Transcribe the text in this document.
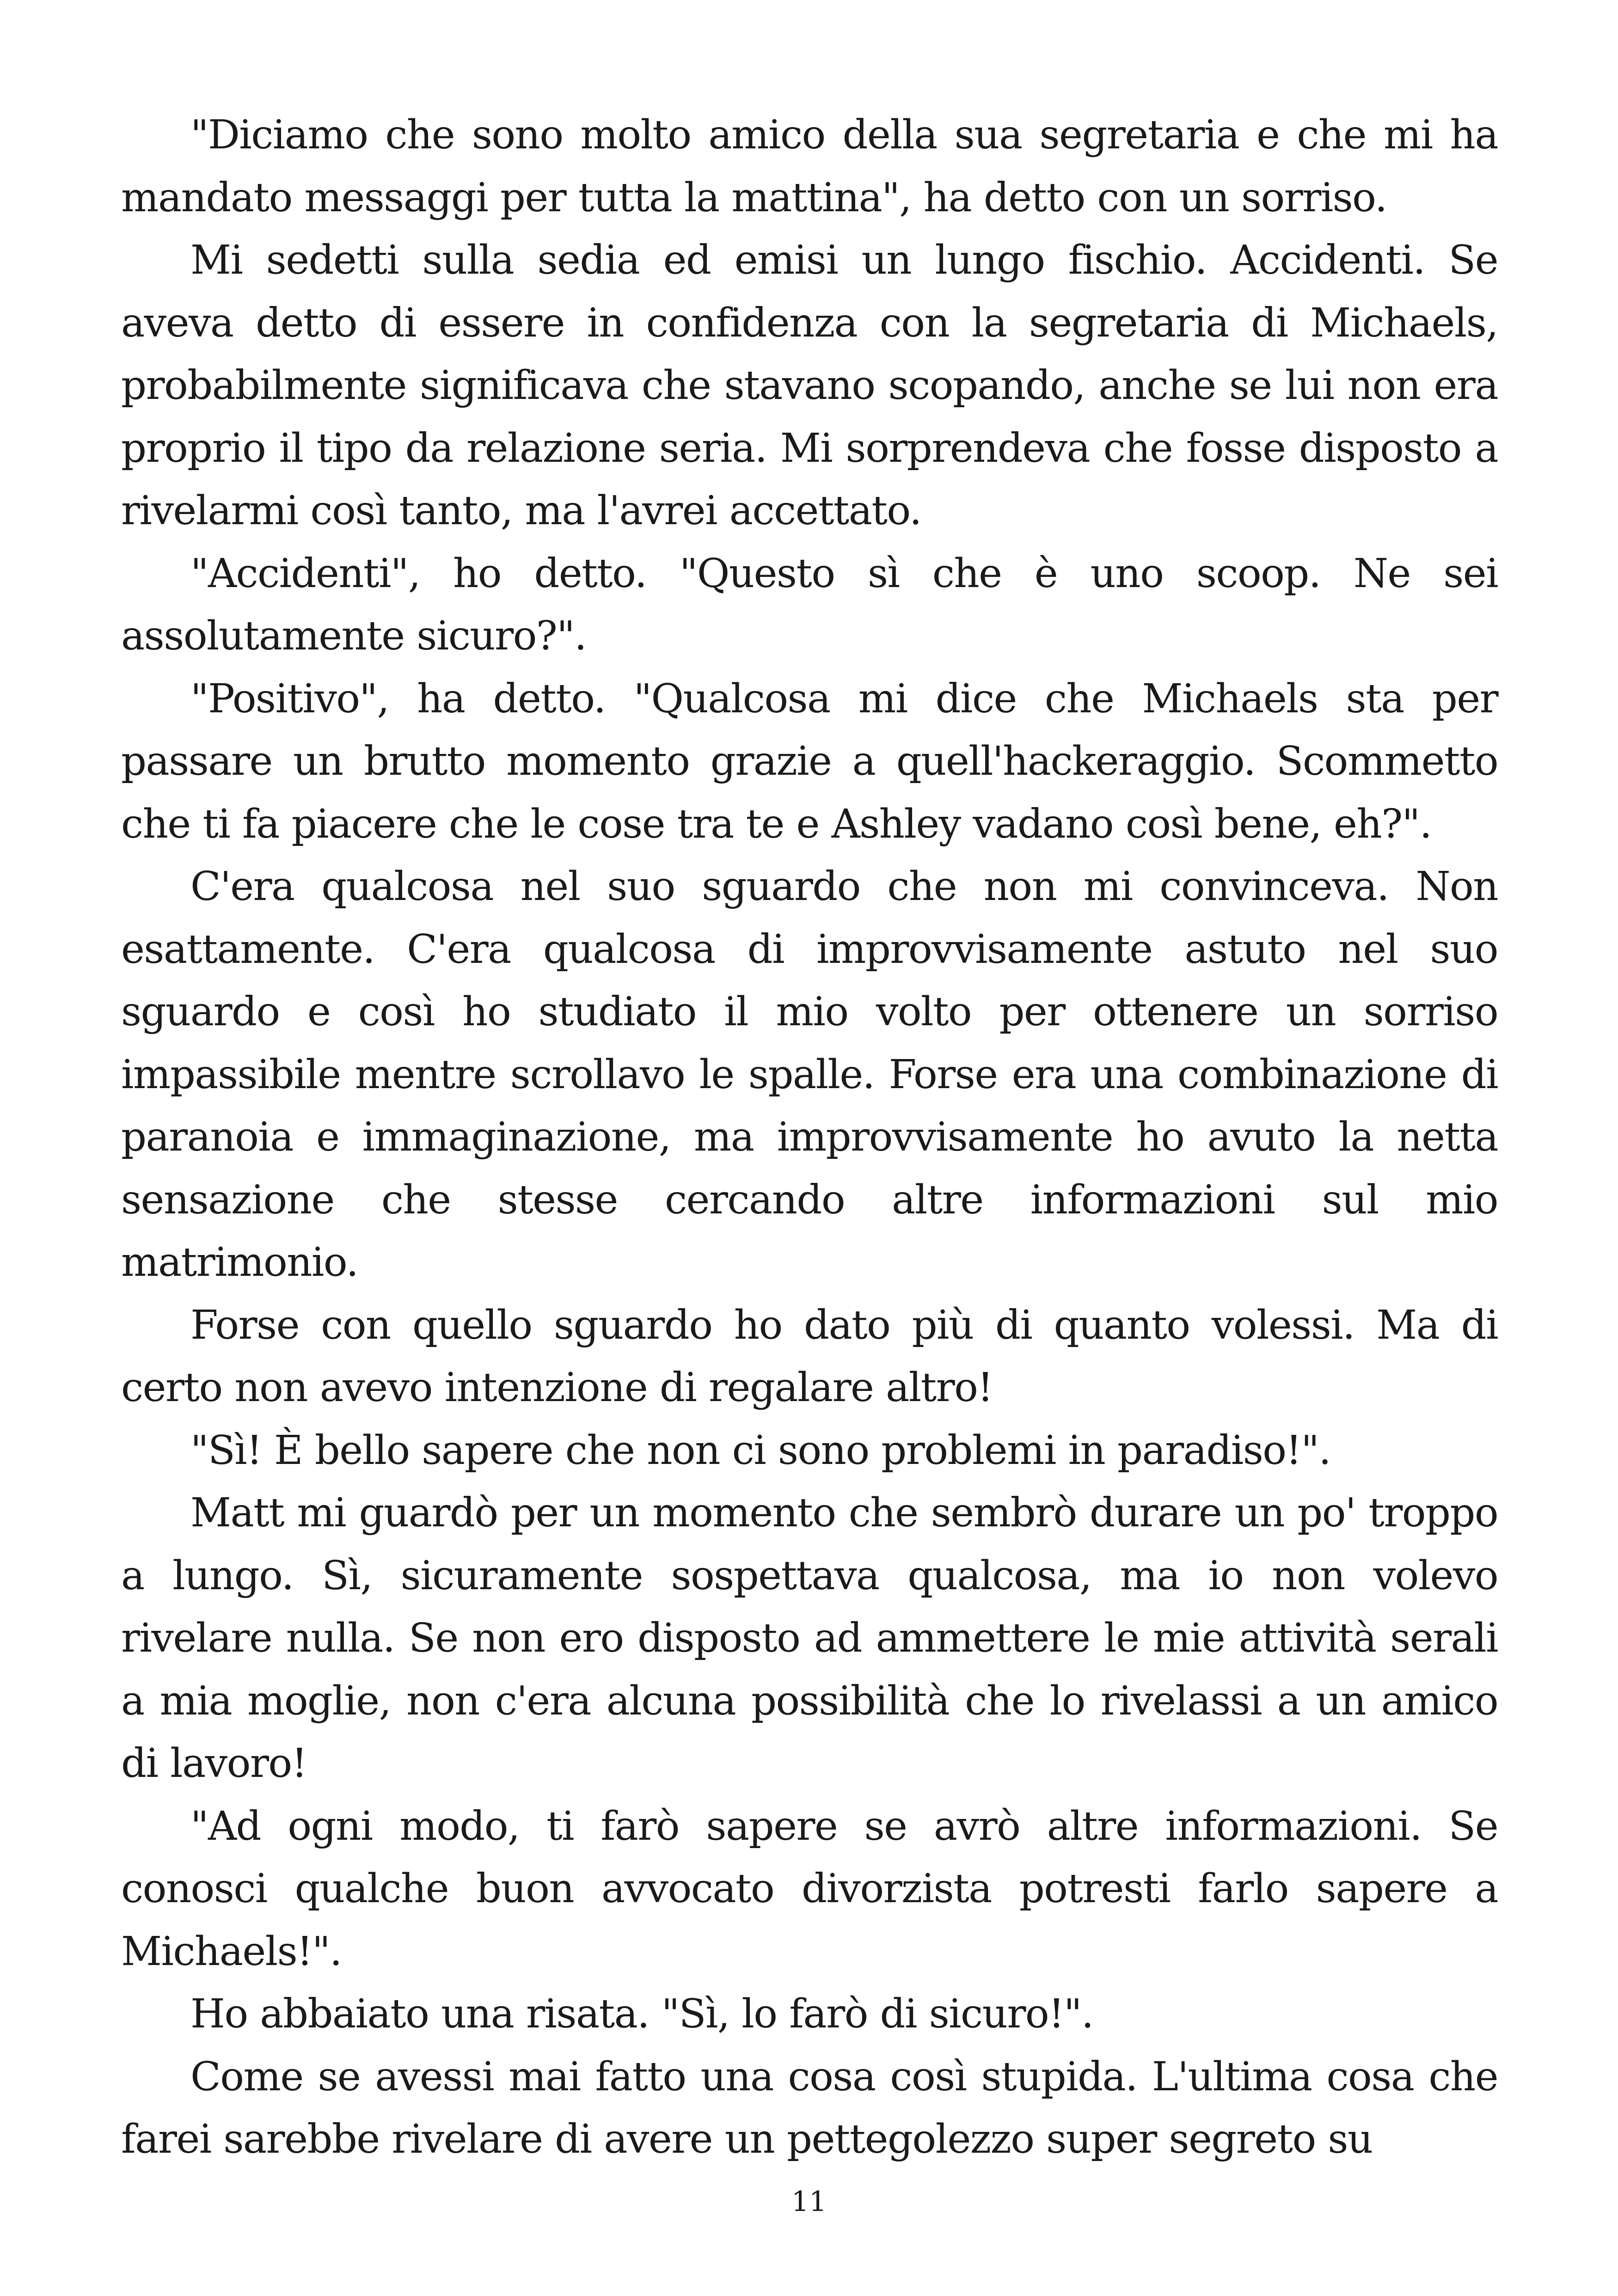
"Diciamo che sono molto amico della sua segretaria e che mi ha mandato messaggi per tutta la mattina", ha detto con un sorriso.

Mi sedetti sulla sedia ed emisi un lungo fischio. Accidenti. Se aveva detto di essere in confidenza con la segretaria di Michaels, probabilmente significava che stavano scopando, anche se lui non era proprio il tipo da relazione seria. Mi sorprendeva che fosse disposto a rivelarmi così tanto, ma l'avrei accettato.

"Accidenti", ho detto. "Questo sì che è uno scoop. Ne sei assolutamente sicuro?".

"Positivo", ha detto. "Qualcosa mi dice che Michaels sta per passare un brutto momento grazie a quell'hackeraggio. Scommetto che ti fa piacere che le cose tra te e Ashley vadano così bene, eh?".

C'era qualcosa nel suo sguardo che non mi convinceva. Non esattamente. C'era qualcosa di improvvisamente astuto nel suo sguardo e così ho studiato il mio volto per ottenere un sorriso impassibile mentre scrollavo le spalle. Forse era una combinazione di paranoia e immaginazione, ma improvvisamente ho avuto la netta sensazione che stesse cercando altre informazioni sul mio matrimonio.

Forse con quello sguardo ho dato più di quanto volessi. Ma di certo non avevo intenzione di regalare altro!

"Sì! È bello sapere che non ci sono problemi in paradiso!".

Matt mi guardò per un momento che sembrò durare un po' troppo a lungo. Sì, sicuramente sospettava qualcosa, ma io non volevo rivelare nulla. Se non ero disposto ad ammettere le mie attività serali a mia moglie, non c'era alcuna possibilità che lo rivelassi a un amico di lavoro!

"Ad ogni modo, ti farò sapere se avrò altre informazioni. Se conosci qualche buon avvocato divorzista potresti farlo sapere a Michaels!".

Ho abbaiato una risata. "Sì, lo farò di sicuro!".

Come se avessi mai fatto una cosa così stupida. L'ultima cosa che farei sarebbe rivelare di avere un pettegolezzo super segreto su

11
